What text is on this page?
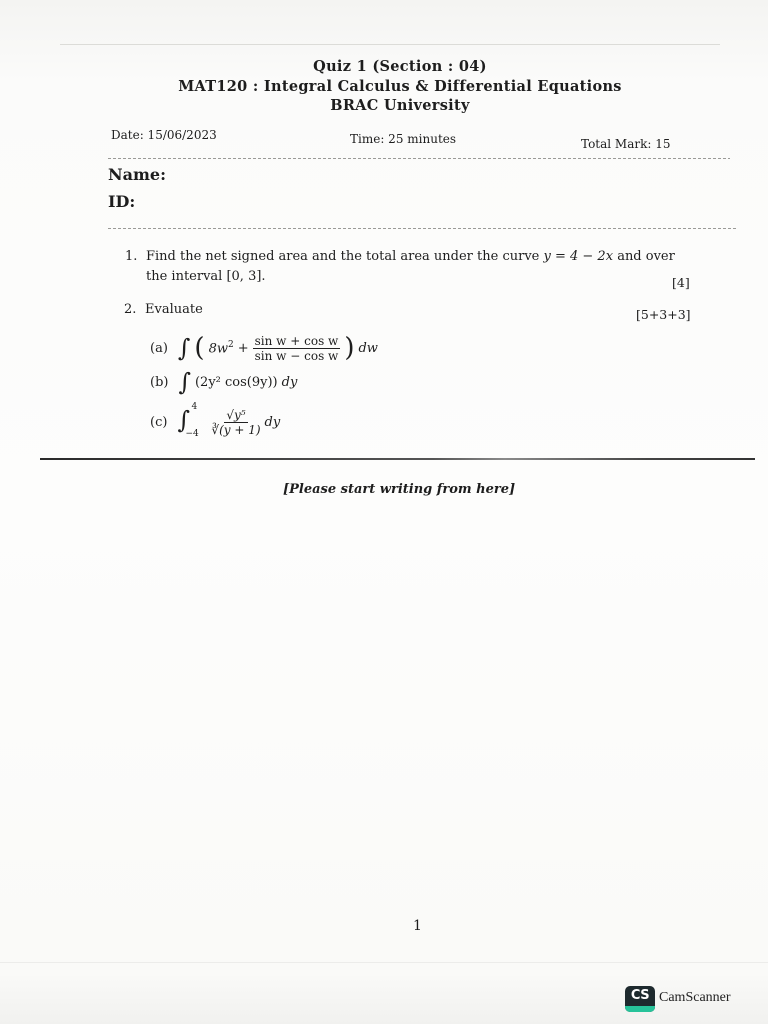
Quiz 1 (Section : 04)
MAT120 : Integral Calculus & Differential Equations
BRAC University
Date: 15/06/2023	Time: 25 minutes	Total Mark: 15
Name:
ID:
1. Find the net signed area and the total area under the curve y = 4 − 2x and over
the interval [0, 3].	[4]
2. Evaluate	[5+3+3]
(a) ∫ ( $8w^2 + \frac{\text{sin w + cos w}}{\text{sin w − cos w}}$ ) dw
(b) ∫ (2y² cos(9y)) dy
(c) ∫ 4
$-4 \frac{\text{√y⁵}}{∛(y + 1)}$ dy
[Please start writing from here]
1
CS CamScanner
